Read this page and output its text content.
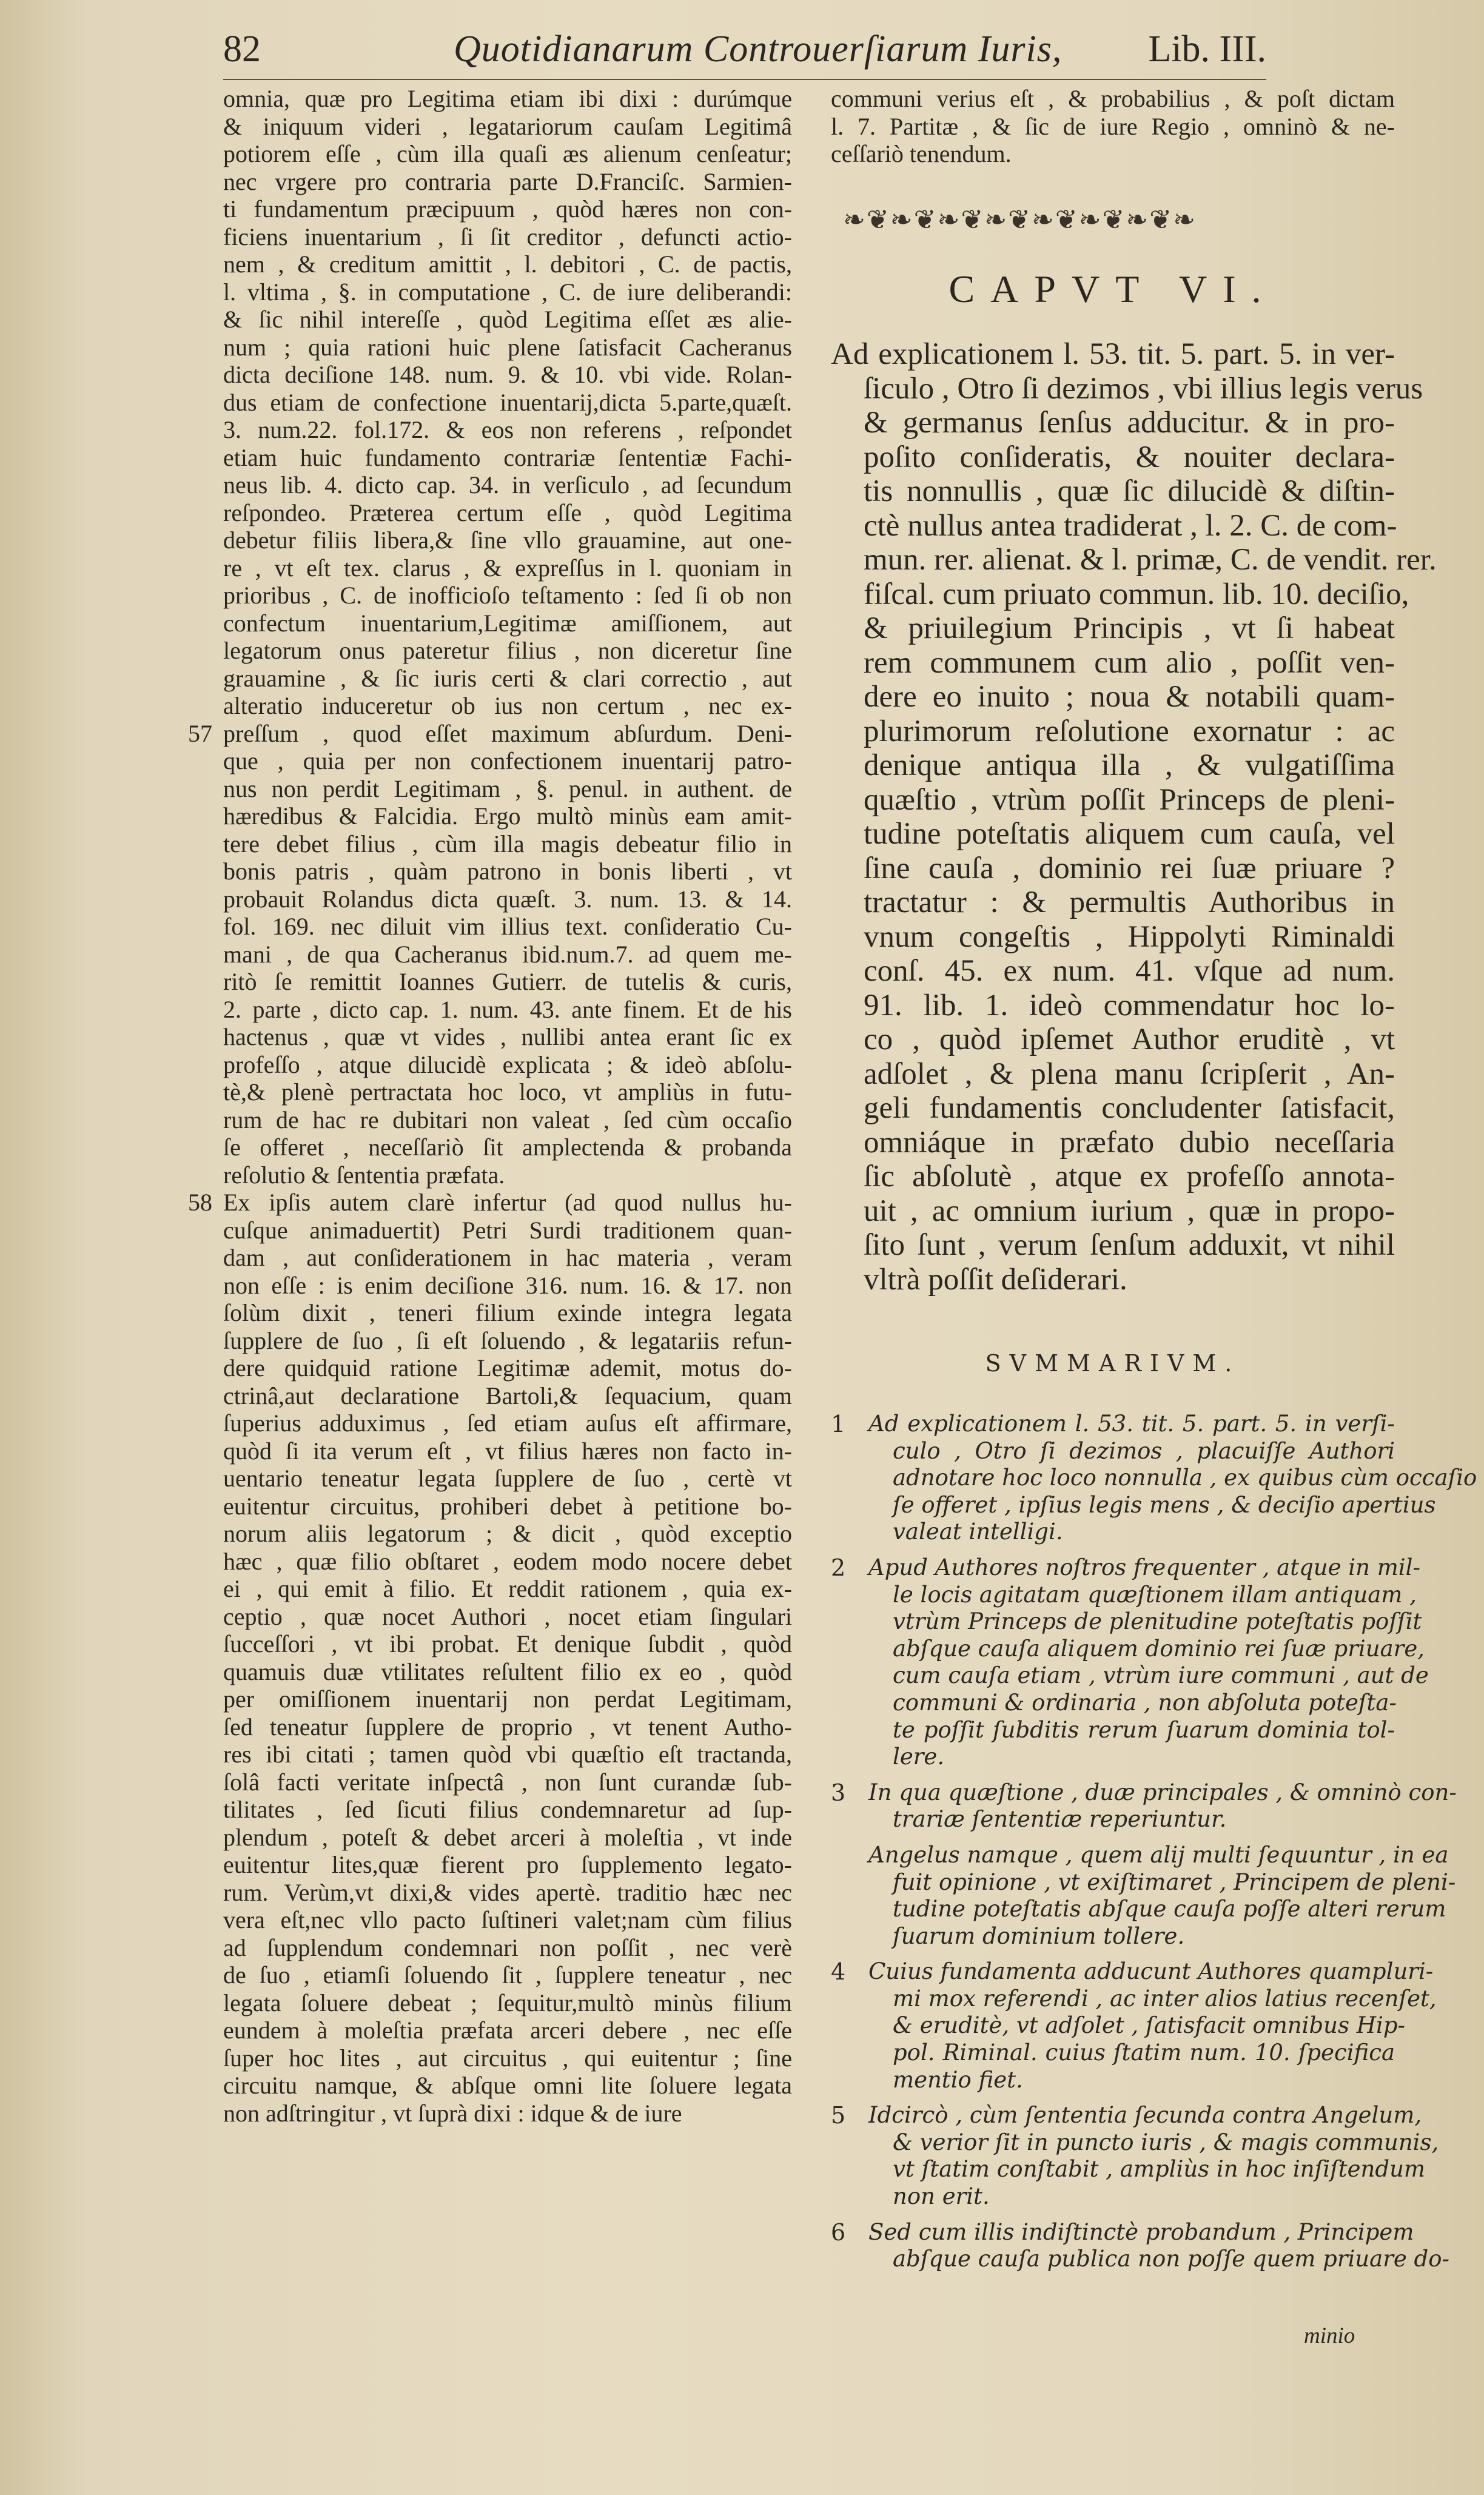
82	Quotidianarum Controuerſiarum Iuris, Lib. III.
omnia, quæ pro Legitima etiam ibi dixi : durúmque
& iniquum videri , legatariorum cauſam Legitimâ
potiorem eſſe , cùm illa quaſi æs alienum cenſeatur;
nec vrgere pro contraria parte D.Franciſc. Sarmien-
ti fundamentum præcipuum , quòd hæres non con-
ficiens inuentarium , ſi ſit creditor , defuncti actio-
nem , & creditum amittit , l. debitori , C. de pactis,
l. vltima , §. in computatione , C. de iure deliberandi:
& ſic nihil intereſſe , quòd Legitima eſſet æs alie-
num ; quia rationi huic plene ſatisfacit Cacheranus
dicta deciſione 148. num. 9. & 10. vbi vide. Rolan-
dus etiam de confectione inuentarij,dicta 5.parte,quæſt.
3. num.22. fol.172. & eos non referens , reſpondet
etiam huic fundamento contrariæ ſententiæ Fachi-
neus lib. 4. dicto cap. 34. in verſiculo , ad ſecundum
reſpondeo. Præterea certum eſſe , quòd Legitima
debetur filiis libera,& ſine vllo grauamine, aut one-
re , vt eſt tex. clarus , & expreſſus in l. quoniam in
prioribus , C. de inofficioſo teſtamento : ſed ſi ob non
confectum inuentarium,Legitimæ amiſſionem, aut
legatorum onus pateretur filius , non diceretur ſine
grauamine , & ſic iuris certi & clari correctio , aut
alteratio induceretur ob ius non certum , nec ex-
preſſum , quod eſſet maximum abſurdum. Deni-
que , quia per non confectionem inuentarij patro-
nus non perdit Legitimam , §. penul. in authent. de
hæredibus & Falcidia. Ergo multò minùs eam amit-
tere debet filius , cùm illa magis debeatur filio in
bonis patris , quàm patrono in bonis liberti , vt
probauit Rolandus dicta quæſt. 3. num. 13. & 14.
fol. 169. nec diluit vim illius text. conſideratio Cu-
mani , de qua Cacheranus ibid.num.7. ad quem me-
ritò ſe remittit Ioannes Gutierr. de tutelis & curis,
2. parte , dicto cap. 1. num. 43. ante finem. Et de his
hactenus , quæ vt vides , nullibi antea erant ſic ex
profeſſo , atque dilucidè explicata ; & ideò abſolu-
tè,& plenè pertractata hoc loco, vt ampliùs in futu-
rum de hac re dubitari non valeat , ſed cùm occaſio
ſe offeret , neceſſariò ſit amplectenda & probanda
reſolutio & ſententia præfata.
Ex ipſis autem clarè infertur (ad quod nullus hu-
cuſque animaduertit) Petri Surdi traditionem quan-
dam , aut conſiderationem in hac materia , veram
non eſſe : is enim deciſione 316. num. 16. & 17. non
ſolùm dixit , teneri filium exinde integra legata
ſupplere de ſuo , ſi eſt ſoluendo , & legatariis refun-
dere quidquid ratione Legitimæ ademit, motus do-
ctrinâ,aut declaratione Bartoli,& ſequacium, quam
ſuperius adduximus , ſed etiam auſus eſt affirmare,
quòd ſi ita verum eſt , vt filius hæres non facto in-
uentario teneatur legata ſupplere de ſuo , certè vt
euitentur circuitus, prohiberi debet à petitione bo-
norum aliis legatorum ; & dicit , quòd exceptio
hæc , quæ filio obſtaret , eodem modo nocere debet
ei , qui emit à filio. Et reddit rationem , quia ex-
ceptio , quæ nocet Authori , nocet etiam ſingulari
ſucceſſori , vt ibi probat. Et denique ſubdit , quòd
quamuis duæ vtilitates reſultent filio ex eo , quòd
per omiſſionem inuentarij non perdat Legitimam,
ſed teneatur ſupplere de proprio , vt tenent Autho-
res ibi citati ; tamen quòd vbi quæſtio eſt tractanda,
ſolâ facti veritate inſpectâ , non ſunt curandæ ſub-
tilitates , ſed ſicuti filius condemnaretur ad ſup-
plendum , poteſt & debet arceri à moleſtia , vt inde
euitentur lites,quæ fierent pro ſupplemento legato-
rum. Verùm,vt dixi,& vides apertè. traditio hæc nec
vera eſt,nec vllo pacto ſuſtineri valet;nam cùm filius
ad ſupplendum condemnari non poſſit , nec verè
de ſuo , etiamſi ſoluendo ſit , ſupplere teneatur , nec
legata ſoluere debeat ; ſequitur,multò minùs filium
eundem à moleſtia præfata arceri debere , nec eſſe
ſuper hoc lites , aut circuitus , qui euitentur ; ſine
circuitu namque, & abſque omni lite ſoluere legata
non adſtringitur , vt ſuprà dixi : idque & de iure
57
58
communi verius eſt , & probabilius , & poſt dictam
l. 7. Partitæ , & ſic de iure Regio , omninò & ne-
ceſſariò tenendum.
❧❦❧❦❧❦❧❦❧❦❧❦❧❦❧
CAPVT VI.
Ad explicationem l. 53. tit. 5. part. 5. in ver-
ſiculo , Otro ſi dezimos , vbi illius legis verus
& germanus ſenſus adducitur. & in pro-
poſito conſideratis, & nouiter declara-
tis nonnullis , quæ ſic dilucidè & diſtin-
ctè nullus antea tradiderat , l. 2. C. de com-
mun. rer. alienat. & l. primæ, C. de vendit. rer.
fiſcal. cum priuato commun. lib. 10. deciſio,
& priuilegium Principis , vt ſi habeat
rem communem cum alio , poſſit ven-
dere eo inuito ; noua & notabili quam-
plurimorum reſolutione exornatur : ac
denique antiqua illa , & vulgatiſſima
quæſtio , vtrùm poſſit Princeps de pleni-
tudine poteſtatis aliquem cum cauſa, vel
ſine cauſa , dominio rei ſuæ priuare ?
tractatur : & permultis Authoribus in
vnum congeſtis , Hippolyti Riminaldi
conſ. 45. ex num. 41. vſque ad num.
91. lib. 1. ideò commendatur hoc lo-
co , quòd ipſemet Author eruditè , vt
adſolet , & plena manu ſcripſerit , An-
geli fundamentis concludenter ſatisfacit,
omniáque in præfato dubio neceſſaria
ſic abſolutè , atque ex profeſſo annota-
uit , ac omnium iurium , quæ in propo-
ſito ſunt , verum ſenſum adduxit, vt nihil
vltrà poſſit deſiderari.
SVMMARIVM.
1 Ad explicationem l. 53. tit. 5. part. 5. in verſi-
culo , Otro ſi dezimos , placuiſſe Authori
adnotare hoc loco nonnulla , ex quibus cùm occaſio
ſe offeret , ipſius legis mens , & deciſio apertius
valeat intelligi.
2 Apud Authores noſtros frequenter , atque in mil-
le locis agitatam quæſtionem illam antiquam ,
vtrùm Princeps de plenitudine poteſtatis poſſit
abſque cauſa aliquem dominio rei ſuæ priuare,
cum cauſa etiam , vtrùm iure communi , aut de
communi & ordinaria , non abſoluta poteſta-
te poſſit ſubditis rerum ſuarum dominia tol-
lere.
3 In qua quæſtione , duæ principales , & omninò con-
trariæ ſententiæ reperiuntur.
Angelus namque , quem alij multi ſequuntur , in ea
fuit opinione , vt exiſtimaret , Principem de pleni-
tudine poteſtatis abſque cauſa poſſe alteri rerum
ſuarum dominium tollere.
4 Cuius fundamenta adducunt Authores quampluri-
mi mox referendi , ac inter alios latius recenſet,
& eruditè, vt adſolet , ſatisfacit omnibus Hip-
pol. Riminal. cuius ſtatim num. 10. ſpecifica
mentio fiet.
5 Idcircò , cùm ſententia ſecunda contra Angelum,
& verior ſit in puncto iuris , & magis communis,
vt ſtatim conſtabit , ampliùs in hoc inſiſtendum
non erit.
6 Sed cum illis indiſtinctè probandum , Principem
abſque cauſa publica non poſſe quem priuare do-
minio
